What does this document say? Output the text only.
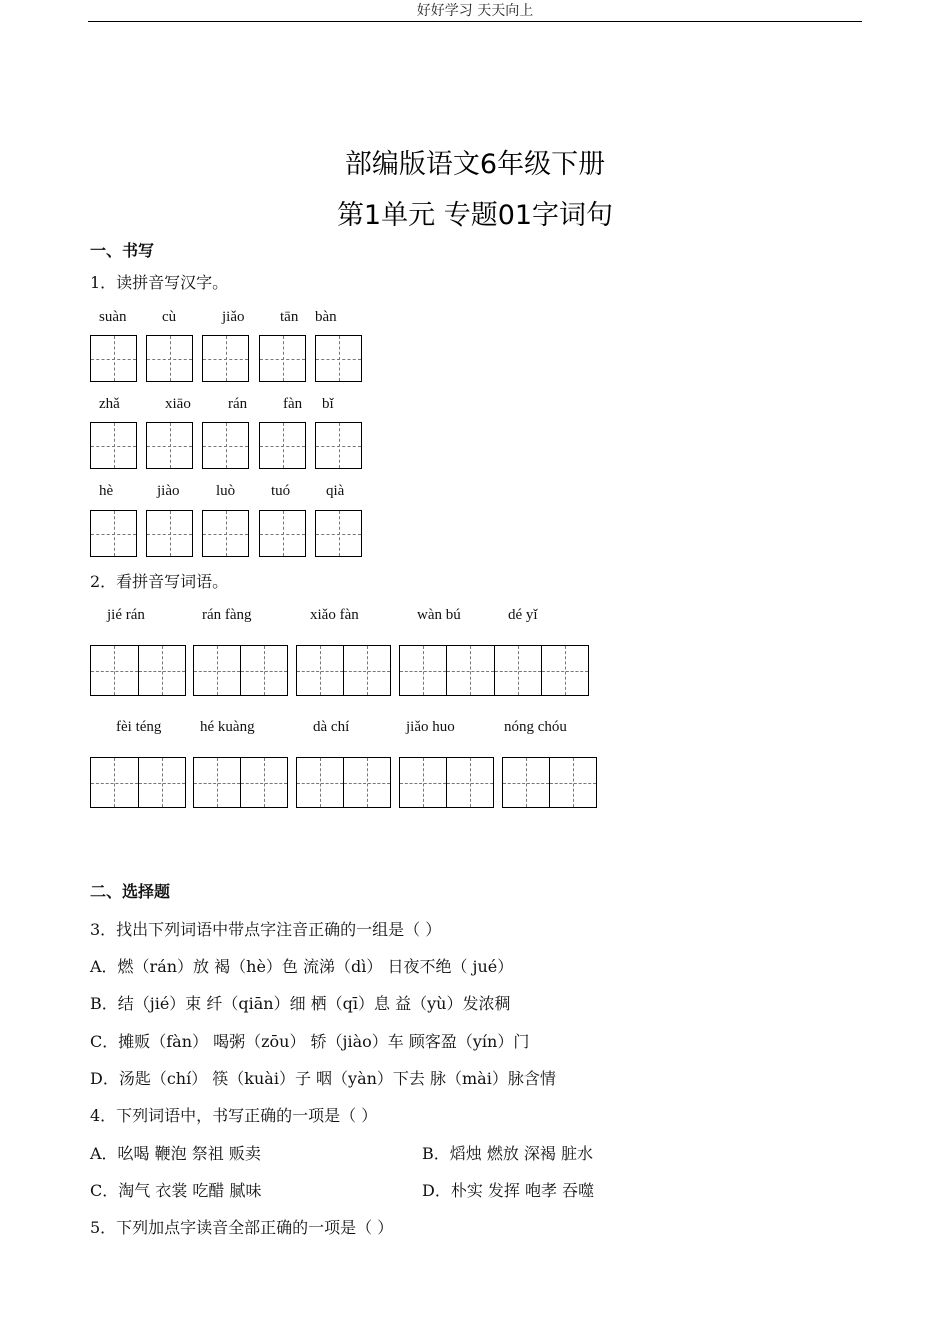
好好学习 天天向上
部编版语文6年级下册
第1单元 专题01字词句
一、书写
1．读拼音写汉字。
suàn cù	jiǎo tān bàn
zhǎ	xiāo rán fàn bǐ
hè	jiào luò tuó qià
2．看拼音写词语。
jié rán	rán fàng	xiǎo fàn	wàn bú	dé yǐ
fèi téng	hé kuàng	dà chí	jiǎo huo	nóng chóu
二、选择题
3．找出下列词语中带点字注音正确的一组是（ ）
A．燃（rán）放 褐（hè）色 流涕（dì） 日夜不绝（ jué）
B．结（jié）束 纤（qiān）细 栖（qī）息 益（yù）发浓稠
C．摊贩（fàn） 喝粥（zōu） 轿（jiào）车 顾客盈（yín）门
D．汤匙（chí） 筷（kuài）子 咽（yàn）下去 脉（mài）脉含情
4．下列词语中，书写正确的一项是（ ）
A．吆喝 鞭泡 祭祖 贩卖	B．熖烛 燃放 深褐 脏水
C．淘气 衣裳 吃醋 腻味	D．朴实 发挥 咆孝 吞噬
5．下列加点字读音全部正确的一项是（ ）
